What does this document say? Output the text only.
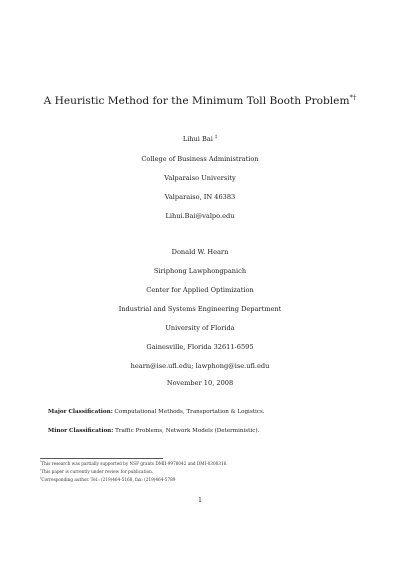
A Heuristic Method for the Minimum Toll Booth Problem*†
Lihui Bai ‡
College of Business Administration
Valparaiso University
Valparaiso, IN 46383
Lihui.Bai@valpo.edu
Donald W. Hearn
Siriphong Lawphongpanich
Center for Applied Optimization
Industrial and Systems Engineering Department
University of Florida
Gainesville, Florida 32611-6595
hearn@ise.ufl.edu; lawphong@ise.ufl.edu
November 10, 2008
Major Classification: Computational Methods, Transportation & Logistics.
Minor Classification: Traffic Problems, Network Models (Deterministic).
*This research was partially supported by NSF grants DMII-9978042 and DMI-0300316.
†This paper is currently under review for publication.
‡Corresponding author. Tel.: (219)464-5168, fax: (219)464-5789
1
